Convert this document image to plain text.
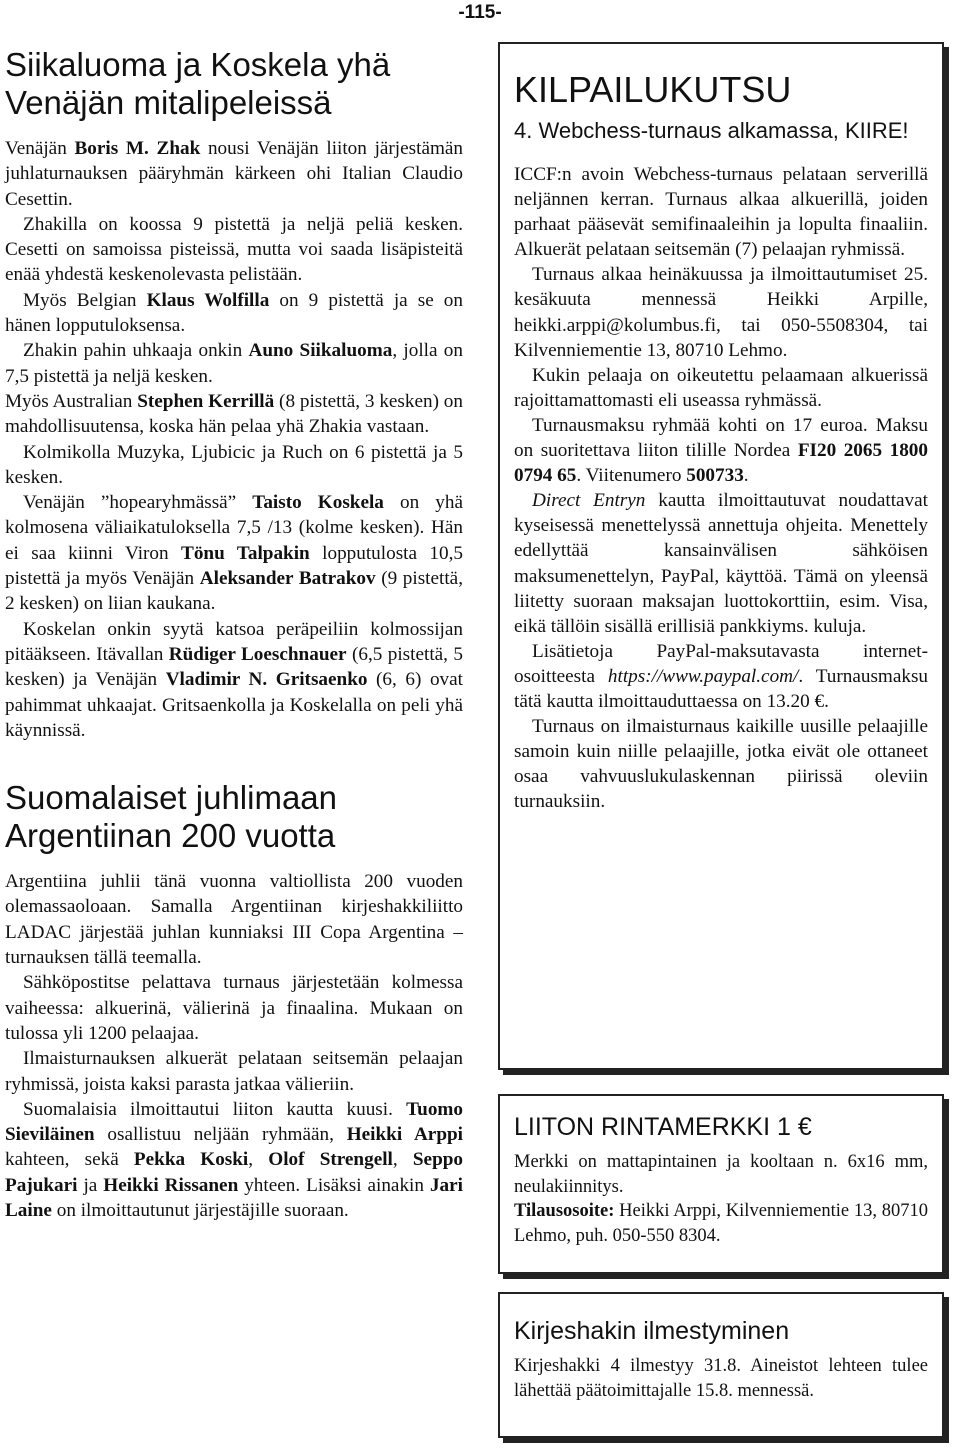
-115-
Siikaluoma ja Koskela yhä Venäjän mitalipeleissä

Venäjän Boris M. Zhak nousi Venäjän liiton järjestämän juhlaturnauksen pääryhmän kärkeen ohi Italian Claudio Cesettin.

Zhakilla on koossa 9 pistettä ja neljä peliä kesken. Cesetti on samoissa pisteissä, mutta voi saada lisäpisteitä enää yhdestä keskenolevasta pelistään.

Myös Belgian Klaus Wolfilla on 9 pistettä ja se on hänen lopputuloksensa.

Zhakin pahin uhkaaja onkin Auno Siikaluoma, jolla on 7,5 pistettä ja neljä kesken.

Myös Australian Stephen Kerrillä (8 pistettä, 3 kesken) on mahdollisuutensa, koska hän pelaa yhä Zhakia vastaan.

Kolmikolla Muzyka, Ljubicic ja Ruch on 6 pistettä ja 5 kesken.

Venäjän ”hopearyhmässä” Taisto Koskela on yhä kolmosena väliaikatuloksella 7,5 /13 (kolme kesken). Hän ei saa kiinni Viron Tönu Talpakin lopputulosta 10,5 pistettä ja myös Venäjän Aleksander Batrakov (9 pistettä, 2 kesken) on liian kaukana.

Koskelan onkin syytä katsoa peräpeiliin kolmossijan pitääkseen. Itävallan Rüdiger Loeschnauer (6,5 pistettä, 5 kesken) ja Venäjän Vladimir N. Gritsaenko (6, 6) ovat pahimmat uhkaajat. Gritsaenkolla ja Koskelalla on peli yhä käynnissä.

Suomalaiset juhlimaan Argentiinan 200 vuotta

Argentiina juhlii tänä vuonna valtiollista 200 vuoden olemassaoloaan. Samalla Argentiinan kirjeshakkiliitto LADAC järjestää juhlan kunniaksi III Copa Argentina –turnauksen tällä teemalla.

Sähköpostitse pelattava turnaus järjestetään kolmessa vaiheessa: alkuerinä, välierinä ja finaalina. Mukaan on tulossa yli 1200 pelaajaa.

Ilmaisturnauksen alkuerät pelataan seitsemän pelaajan ryhmissä, joista kaksi parasta jatkaa välieriin.

Suomalaisia ilmoittautui liiton kautta kuusi. Tuomo Sieviläinen osallistuu neljään ryhmään, Heikki Arppi kahteen, sekä Pekka Koski, Olof Strengell, Seppo Pajukari ja Heikki Rissanen yhteen. Lisäksi ainakin Jari Laine on ilmoittautunut järjestäjille suoraan.

KILPAILUKUTSU
4. Webchess-turnaus alkamassa, KIIRE!

ICCF:n avoin Webchess-turnaus pelataan serverillä neljännen kerran. Turnaus alkaa alkuerillä, joiden parhaat pääsevät semifinaaleihin ja lopulta finaaliin. Alkuerät pelataan seitsemän (7) pelaajan ryhmissä.

Turnaus alkaa heinäkuussa ja ilmoittautumiset 25. kesäkuuta mennessä Heikki Arpille, heikki.arppi@kolumbus.fi, tai 050-5508304, tai Kilvenniementie 13, 80710 Lehmo.

Kukin pelaaja on oikeutettu pelaamaan alkuerissä rajoittamattomasti eli useassa ryhmässä.

Turnausmaksu ryhmää kohti on 17 euroa. Maksu on suoritettava liiton tilille Nordea FI20 2065 1800 0794 65. Viitenumero 500733.

Direct Entryn kautta ilmoittautuvat noudattavat kyseisessä menettelyssä annettuja ohjeita. Menettely edellyttää kansainvälisen sähköisen maksumenettelyn, PayPal, käyttöä. Tämä on yleensä liitetty suoraan maksajan luottokorttiin, esim. Visa, eikä tällöin sisällä erillisiä pankkiyms. kuluja.

Lisätietoja PayPal-maksutavasta internet-osoitteesta https://www.paypal.com/. Turnausmaksu tätä kautta ilmoittauduttaessa on 13.20 €.

Turnaus on ilmaisturnaus kaikille uusille pelaajille samoin kuin niille pelaajille, jotka eivät ole ottaneet osaa vahvuuslukulaskennan piirissä oleviin turnauksiin.

LIITON RINTAMERKKI 1 €

Merkki on mattapintainen ja kooltaan n. 6x16 mm, neulakiinnitys.

Tilausosoite: Heikki Arppi, Kilvenniementie 13, 80710 Lehmo, puh. 050-550 8304.

Kirjeshakin ilmestyminen

Kirjeshakki 4 ilmestyy 31.8. Aineistot lehteen tulee lähettää päätoimittajalle 15.8. mennessä.
